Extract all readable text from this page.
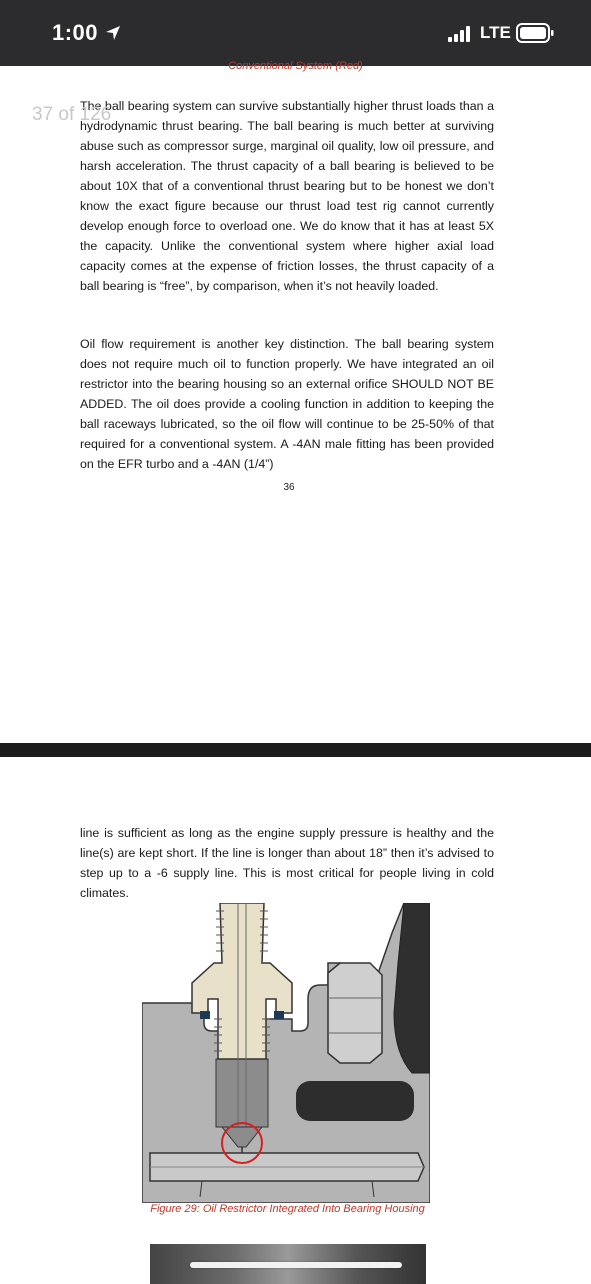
1:00	LTE
Conventional System (Red)
37 of 126

The ball bearing system can survive substantially higher thrust loads than a hydrodynamic thrust bearing. The ball bearing is much better at surviving abuse such as compressor surge, marginal oil quality, low oil pressure, and harsh acceleration. The thrust capacity of a ball bearing is believed to be about 10X that of a conventional thrust bearing but to be honest we don’t know the exact figure because our thrust load test rig cannot currently develop enough force to overload one. We do know that it has at least 5X the capacity. Unlike the conventional system where higher axial load capacity comes at the expense of friction losses, the thrust capacity of a ball bearing is “free”, by comparison, when it’s not heavily loaded.

Oil flow requirement is another key distinction. The ball bearing system does not require much oil to function properly. We have integrated an oil restrictor into the bearing housing so an external orifice SHOULD NOT BE ADDED. The oil does provide a cooling function in addition to keeping the ball raceways lubricated, so the oil flow will continue to be 25-50% of that required for a conventional system. A -4AN male fitting has been provided on the EFR turbo and a -4AN (1/4”)

36

line is sufficient as long as the engine supply pressure is healthy and the line(s) are kept short. If the line is longer than about 18” then it’s advised to step up to a -6 supply line. This is most critical for people living in cold climates.

Figure 29: Oil Restrictor Integrated Into Bearing Housing
